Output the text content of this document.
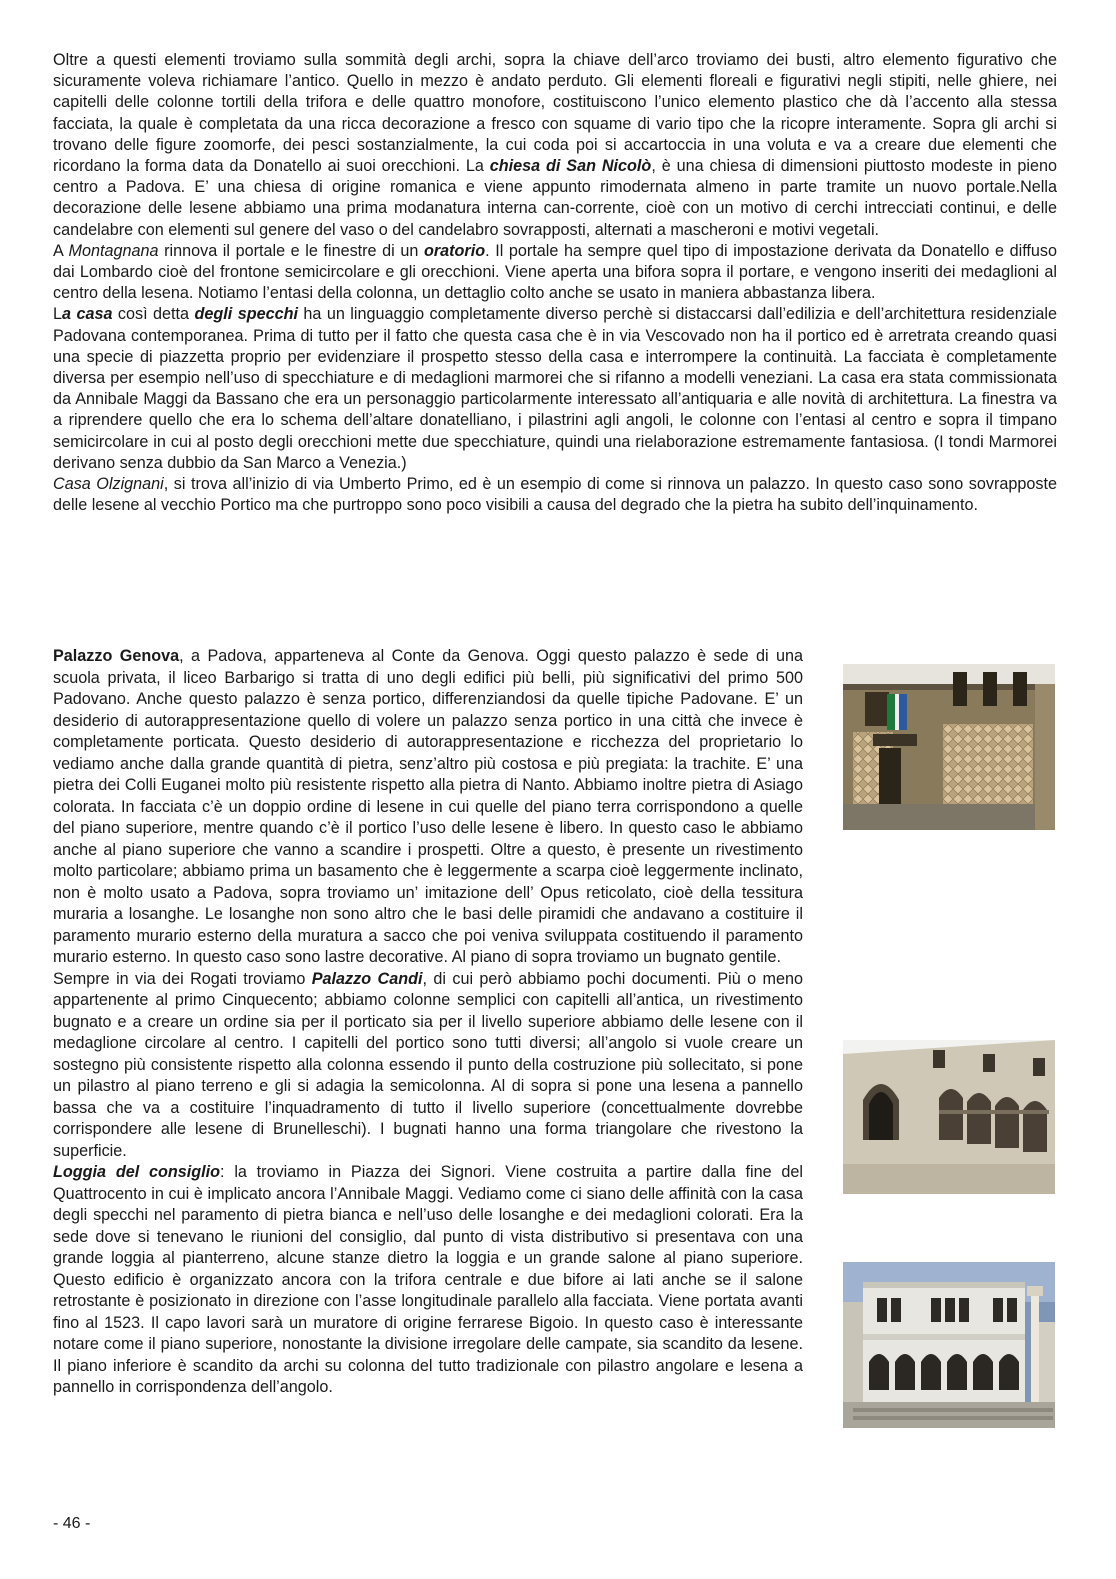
Oltre a questi elementi troviamo sulla sommità degli archi, sopra la chiave dell’arco troviamo dei busti, altro elemento figurativo che sicuramente voleva richiamare l’antico. Quello in mezzo è andato perduto. Gli elementi floreali e figurativi negli stipiti, nelle ghiere, nei capitelli delle colonne tortili della trifora e delle quattro monofore, costituiscono l’unico elemento plastico che dà l’accento alla stessa facciata, la quale è completata da una ricca decorazione a fresco con squame di vario tipo che la ricopre interamente. Sopra gli archi si trovano delle figure zoomorfe, dei pesci sostanzialmente, la cui coda poi si accartoccia in una voluta e va a creare due elementi che ricordano la forma data da Donatello ai suoi orecchioni. La chiesa di San Nicolò, è una chiesa di dimensioni piuttosto modeste in pieno centro a Padova. E’ una chiesa di origine romanica e viene appunto rimodernata almeno in parte tramite un nuovo portale.Nella decorazione delle lesene abbiamo una prima modanatura interna can-corrente, cioè con un motivo di cerchi intrecciati continui, e delle candelabre con elementi sul genere del vaso o del candelabro sovrapposti, alternati a mascheroni e motivi vegetali.

A Montagnana rinnova il portale e le finestre di un oratorio. Il portale ha sempre quel tipo di impostazione derivata da Donatello e diffuso dai Lombardo cioè del frontone semicircolare e gli orecchioni. Viene aperta una bifora sopra il portare, e vengono inseriti dei medaglioni al centro della lesena. Notiamo l’entasi della colonna, un dettaglio colto anche se usato in maniera abbastanza libera.

La casa così detta degli specchi ha un linguaggio completamente diverso perchè si distaccarsi dall’edilizia e dell’architettura residenziale Padovana contemporanea. Prima di tutto per il fatto che questa casa che è in via Vescovado non ha il portico ed è arretrata creando quasi una specie di piazzetta proprio per evidenziare il prospetto stesso della casa e interrompere la continuità. La facciata è completamente diversa per esempio nell’uso di specchiature e di medaglioni marmorei che si rifanno a modelli veneziani. La casa era stata commissionata da Annibale Maggi da Bassano che era un personaggio particolarmente interessato all’antiquaria e alle novità di architettura. La finestra va a riprendere quello che era lo schema dell’altare donatelliano, i pilastrini agli angoli, le colonne con l’entasi al centro e sopra il timpano semicircolare in cui al posto degli orecchioni mette due specchiature, quindi una rielaborazione estremamente fantasiosa. (I tondi Marmorei derivano senza dubbio da San Marco a Venezia.)

Casa Olzignani, si trova all’inizio di via Umberto Primo, ed è un esempio di come si rinnova un palazzo. In questo caso sono sovrapposte delle lesene al vecchio Portico ma che purtroppo sono poco visibili a causa del degrado che la pietra ha subito dell’inquinamento.

Palazzo Genova, a Padova, apparteneva al Conte da Genova. Oggi questo palazzo è sede di una scuola privata, il liceo Barbarigo si tratta di uno degli edifici più belli, più significativi del primo 500 Padovano. Anche questo palazzo è senza portico, differenziandosi da quelle tipiche Padovane. E’ un desiderio di autorappresentazione quello di volere un palazzo senza portico in una città che invece è completamente porticata. Questo desiderio di autorappresentazione e ricchezza del proprietario lo vediamo anche dalla grande quantità di pietra, senz’altro più costosa e più pregiata: la trachite. E’ una pietra dei Colli Euganei molto più resistente rispetto alla pietra di Nanto. Abbiamo inoltre pietra di Asiago colorata. In facciata c’è un doppio ordine di lesene in cui quelle del piano terra corrispondono a quelle del piano superiore, mentre quando c’è il portico l’uso delle lesene è libero. In questo caso le abbiamo anche al piano superiore che vanno a scandire i prospetti. Oltre a questo, è presente un rivestimento molto particolare; abbiamo prima un basamento che è leggermente a scarpa cioè leggermente inclinato, non è molto usato a Padova, sopra troviamo un’ imitazione dell’ Opus reticolato, cioè della tessitura muraria a losanghe. Le losanghe non sono altro che le basi delle piramidi che andavano a costituire il paramento murario esterno della muratura a sacco che poi veniva sviluppata costituendo il paramento murario esterno. In questo caso sono lastre decorative. Al piano di sopra troviamo un bugnato gentile.

Sempre in via dei Rogati troviamo Palazzo Candi, di cui però abbiamo pochi documenti. Più o meno appartenente al primo Cinquecento; abbiamo colonne semplici con capitelli all’antica, un rivestimento bugnato e a creare un ordine sia per il porticato sia per il livello superiore abbiamo delle lesene con il medaglione circolare al centro. I capitelli del portico sono tutti diversi; all’angolo si vuole creare un sostegno più consistente rispetto alla colonna essendo il punto della costruzione più sollecitato, si pone un pilastro al piano terreno e gli si adagia la semicolonna. Al di sopra si pone una lesena a pannello bassa che va a costituire l’inquadramento di tutto il livello superiore (concettualmente dovrebbe corrispondere alle lesene di Brunelleschi). I bugnati hanno una forma triangolare che rivestono la superficie.

Loggia del consiglio: la troviamo in Piazza dei Signori. Viene costruita a partire dalla fine del Quattrocento in cui è implicato ancora l’Annibale Maggi. Vediamo come ci siano delle affinità con la casa degli specchi nel paramento di pietra bianca e nell’uso delle losanghe e dei medaglioni colorati. Era la sede dove si tenevano le riunioni del consiglio, dal punto di vista distributivo si presentava con una grande loggia al pianterreno, alcune stanze dietro la loggia e un grande salone al piano superiore. Questo edificio è organizzato ancora con la trifora centrale e due bifore ai lati anche se il salone retrostante è posizionato in direzione con l’asse longitudinale parallelo alla facciata. Viene portata avanti fino al 1523. Il capo lavori sarà un muratore di origine ferrarese Bigoio. In questo caso è interessante notare come il piano superiore, nonostante la divisione irregolare delle campate, sia scandito da lesene. Il piano inferiore è scandito da archi su colonna del tutto tradizionale con pilastro angolare e lesena a pannello in corrispondenza dell’angolo.

- 46 -
